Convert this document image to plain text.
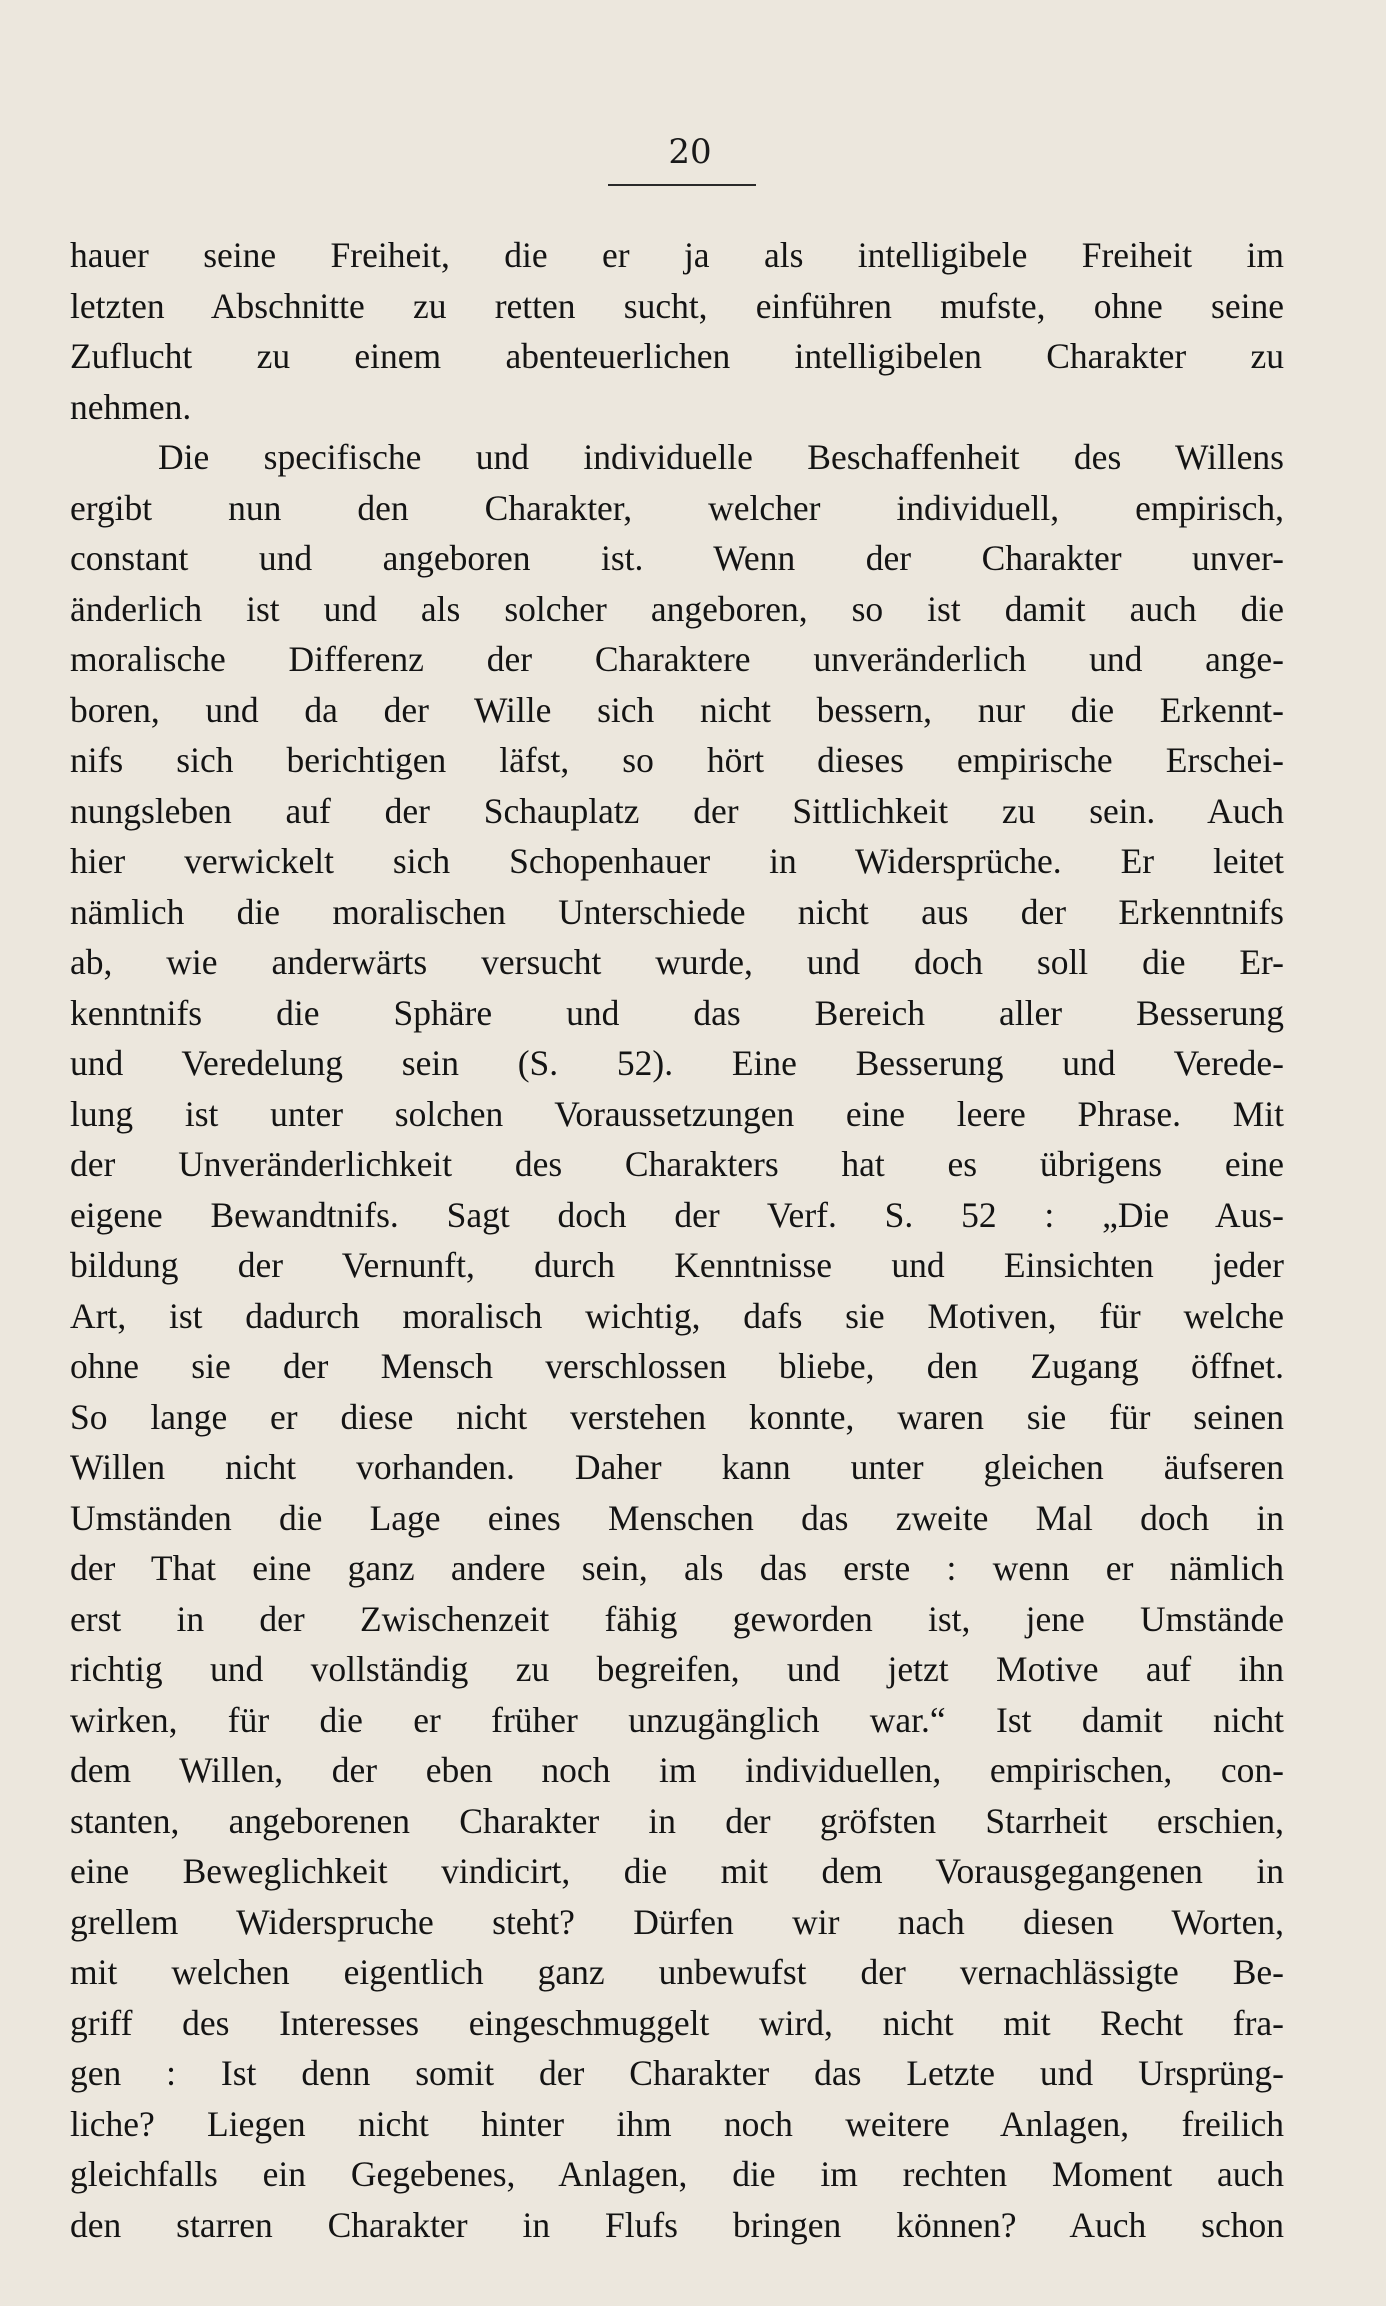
20
hauer seine Freiheit, die er ja als intelligibele Freiheit im
letzten Abschnitte zu retten sucht, einführen mufste, ohne seine
Zuflucht zu einem abenteuerlichen intelligibelen Charakter zu
nehmen.
Die specifische und individuelle Beschaffenheit des Willens
ergibt nun den Charakter, welcher individuell, empirisch,
constant und angeboren ist. Wenn der Charakter unver-
änderlich ist und als solcher angeboren, so ist damit auch die
moralische Differenz der Charaktere unveränderlich und ange-
boren, und da der Wille sich nicht bessern, nur die Erkennt-
nifs sich berichtigen läfst, so hört dieses empirische Erschei-
nungsleben auf der Schauplatz der Sittlichkeit zu sein. Auch
hier verwickelt sich Schopenhauer in Widersprüche. Er leitet
nämlich die moralischen Unterschiede nicht aus der Erkenntnifs
ab, wie anderwärts versucht wurde, und doch soll die Er-
kenntnifs die Sphäre und das Bereich aller Besserung
und Veredelung sein (S. 52). Eine Besserung und Verede-
lung ist unter solchen Voraussetzungen eine leere Phrase. Mit
der Unveränderlichkeit des Charakters hat es übrigens eine
eigene Bewandtnifs. Sagt doch der Verf. S. 52 : „Die Aus-
bildung der Vernunft, durch Kenntnisse und Einsichten jeder
Art, ist dadurch moralisch wichtig, dafs sie Motiven, für welche
ohne sie der Mensch verschlossen bliebe, den Zugang öffnet.
So lange er diese nicht verstehen konnte, waren sie für seinen
Willen nicht vorhanden. Daher kann unter gleichen äufseren
Umständen die Lage eines Menschen das zweite Mal doch in
der That eine ganz andere sein, als das erste : wenn er nämlich
erst in der Zwischenzeit fähig geworden ist, jene Umstände
richtig und vollständig zu begreifen, und jetzt Motive auf ihn
wirken, für die er früher unzugänglich war.“ Ist damit nicht
dem Willen, der eben noch im individuellen, empirischen, con-
stanten, angeborenen Charakter in der gröfsten Starrheit erschien,
eine Beweglichkeit vindicirt, die mit dem Vorausgegangenen in
grellem Widerspruche steht? Dürfen wir nach diesen Worten,
mit welchen eigentlich ganz unbewufst der vernachlässigte Be-
griff des Interesses eingeschmuggelt wird, nicht mit Recht fra-
gen : Ist denn somit der Charakter das Letzte und Ursprüng-
liche? Liegen nicht hinter ihm noch weitere Anlagen, freilich
gleichfalls ein Gegebenes, Anlagen, die im rechten Moment auch
den starren Charakter in Flufs bringen können? Auch schon
